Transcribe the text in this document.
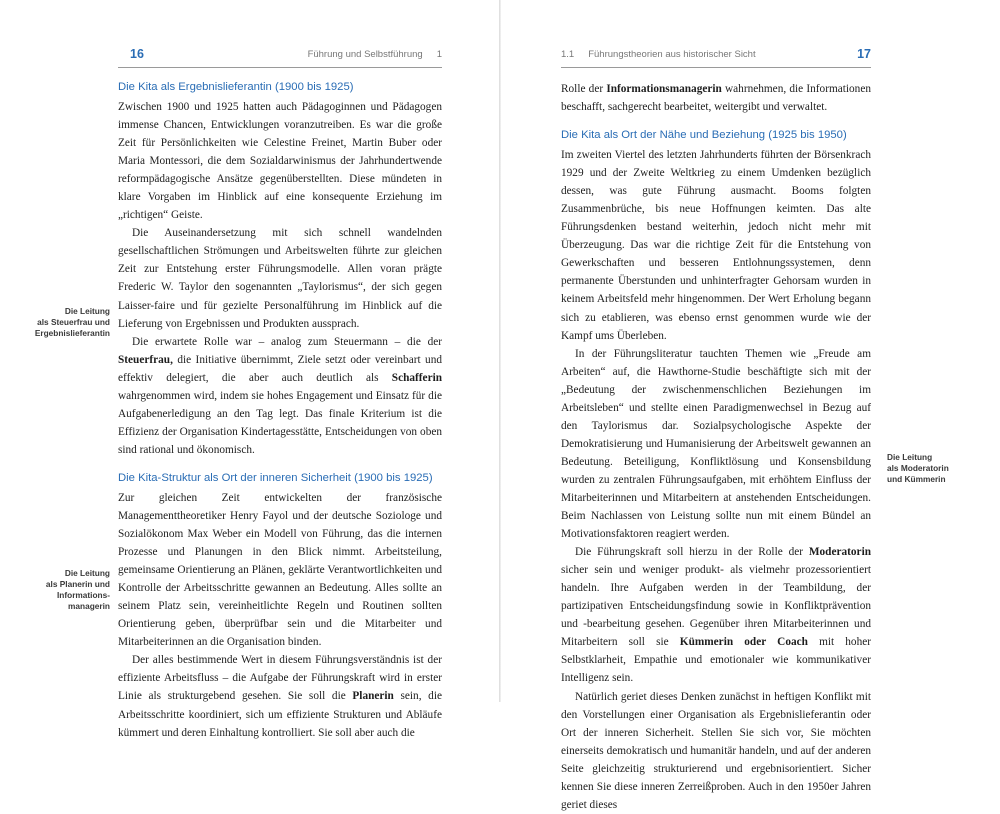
16	Führung und Selbstführung 1
Die Kita als Ergebnislieferantin (1900 bis 1925)

Zwischen 1900 und 1925 hatten auch Pädagoginnen und Pädagogen immense Chancen, Entwicklungen voranzutreiben. Es war die große Zeit für Persönlichkeiten wie Celestine Freinet, Martin Buber oder Maria Montessori, die dem Sozialdarwinismus der Jahrhundertwende reformpädagogische Ansätze gegenüberstellten. Diese mündeten in klare Vorgaben im Hinblick auf eine konsequente Erziehung im „richtigen“ Geiste.

Die Auseinandersetzung mit sich schnell wandelnden gesellschaftlichen Strömungen und Arbeitswelten führte zur gleichen Zeit zur Entstehung erster Führungsmodelle. Allen voran prägte Frederic W. Taylor den sogenannten „Taylorismus“, der sich gegen Laisser-faire und für gezielte Personalführung im Hinblick auf die Lieferung von Ergebnissen und Produkten aussprach.

Die erwartete Rolle war – analog zum Steuermann – die der Steuerfrau, die Initiative übernimmt, Ziele setzt oder vereinbart und effektiv delegiert, die aber auch deutlich als Schafferin wahrgenommen wird, indem sie hohes Engagement und Einsatz für die Aufgabenerledigung an den Tag legt. Das finale Kriterium ist die Effizienz der Organisation Kindertagesstätte, Entscheidungen von oben sind rational und ökonomisch.

Die Kita-Struktur als Ort der inneren Sicherheit (1900 bis 1925)

Zur gleichen Zeit entwickelten der französische Managementtheoretiker Henry Fayol und der deutsche Soziologe und Sozialökonom Max Weber ein Modell von Führung, das die internen Prozesse und Planungen in den Blick nimmt. Arbeitsteilung, gemeinsame Orientierung an Plänen, geklärte Verantwortlichkeiten und Kontrolle der Arbeitsschritte gewannen an Bedeutung. Alles sollte an seinem Platz sein, vereinheitlichte Regeln und Routinen sollten Orientierung geben, überprüfbar sein und die Mitarbeiter und Mitarbeiterinnen an die Organisation binden.

Der alles bestimmende Wert in diesem Führungsverständnis ist der effiziente Arbeitsfluss – die Aufgabe der Führungskraft wird in erster Linie als strukturgebend gesehen. Sie soll die Planerin sein, die Arbeitsschritte koordiniert, sich um effiziente Strukturen und Abläufe kümmert und deren Einhaltung kontrolliert. Sie soll aber auch die

Die Leitung
als Steuerfrau und
Ergebnislieferantin
Die Leitung
als Planerin und
Informations-
managerin
1.1 Führungstheorien aus historischer Sicht	17

Rolle der Informationsmanagerin wahrnehmen, die Informationen beschafft, sachgerecht bearbeitet, weitergibt und verwaltet.

Die Kita als Ort der Nähe und Beziehung (1925 bis 1950)

Im zweiten Viertel des letzten Jahrhunderts führten der Börsenkrach 1929 und der Zweite Weltkrieg zu einem Umdenken bezüglich dessen, was gute Führung ausmacht. Booms folgten Zusammenbrüche, bis neue Hoffnungen keimten. Das alte Führungsdenken bestand weiterhin, jedoch nicht mehr mit Überzeugung. Das war die richtige Zeit für die Entstehung von Gewerkschaften und besseren Entlohnungssystemen, denn permanente Überstunden und unhinterfragter Gehorsam wurden in keinem Arbeitsfeld mehr hingenommen. Der Wert Erholung begann sich zu etablieren, was ebenso ernst genommen wurde wie der Kampf ums Überleben.

In der Führungsliteratur tauchten Themen wie „Freude am Arbeiten“ auf, die Hawthorne-Studie beschäftigte sich mit der „Bedeutung der zwischenmenschlichen Beziehungen im Arbeitsleben“ und stellte einen Paradigmenwechsel in Bezug auf den Taylorismus dar. Sozialpsychologische Aspekte der Demokratisierung und Humanisierung der Arbeitswelt gewannen an Bedeutung. Beteiligung, Konfliktlösung und Konsensbildung wurden zu zentralen Führungsaufgaben, mit erhöhtem Einfluss der Mitarbeiterinnen und Mitarbeitern at anstehenden Entscheidungen. Beim Nachlassen von Leistung sollte nun mit einem Bündel an Motivationsfaktoren reagiert werden.

Die Führungskraft soll hierzu in der Rolle der Moderatorin sicher sein und weniger produkt- als vielmehr prozessorientiert handeln. Ihre Aufgaben werden in der Teambildung, der partizipativen Entscheidungsfindung sowie in Konfliktprävention und -bearbeitung gesehen. Gegenüber ihren Mitarbeiterinnen und Mitarbeitern soll sie Kümmerin oder Coach mit hoher Selbstklarheit, Empathie und emotionaler wie kommunikativer Intelligenz sein.

Natürlich geriet dieses Denken zunächst in heftigen Konflikt mit den Vorstellungen einer Organisation als Ergebnislieferantin oder Ort der inneren Sicherheit. Stellen Sie sich vor, Sie möchten einerseits demokratisch und humanitär handeln, und auf der anderen Seite gleichzeitig strukturierend und ergebnisorientiert. Sicher kennen Sie diese inneren Zerreißproben. Auch in den 1950er Jahren geriet dieses

Die Leitung
als Moderatorin
und Kümmerin
